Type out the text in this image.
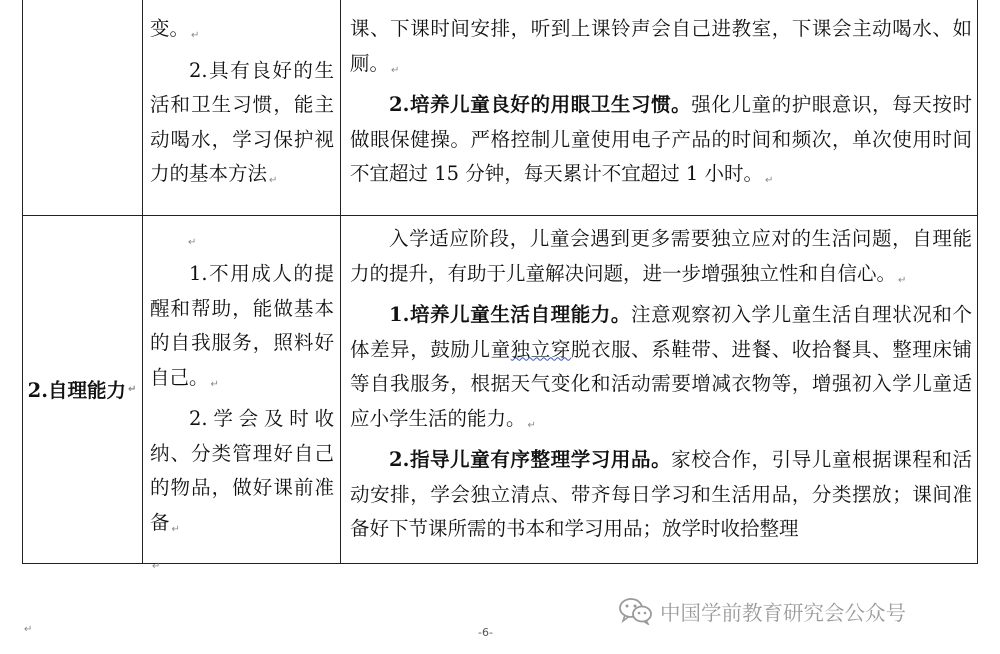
变。 ↵

2.具有良好的生活和卫生习惯，能主动喝水，学习保护视力的基本方法 ↵

课、下课时间安排，听到上课铃声会自己进教室，下课会主动喝水、如厕。 ↵

2.培养儿童良好的用眼卫生习惯。强化儿童的护眼意识，每天按时做眼保健操。严格控制儿童使用电子产品的时间和频次，单次使用时间不宜超过 15 分钟，每天累计不宜超过 1 小时。 ↵

2.自理能力 ↵

↵

1.不用成人的提醒和帮助，能做基本的自我服务，照料好自己。 ↵

2.学会及时收纳、分类管理好自己的物品，做好课前准备 ↵

↵

入学适应阶段，儿童会遇到更多需要独立应对的生活问题，自理能力的提升，有助于儿童解决问题，进一步增强独立性和自信心。 ↵

1.培养儿童生活自理能力。注意观察初入学儿童生活自理状况和个体差异，鼓励儿童独立穿脱衣服、系鞋带、进餐、收拾餐具、整理床铺等自我服务，根据天气变化和活动需要增减衣物等，增强初入学儿童适应小学生活的能力。 ↵

2.指导儿童有序整理学习用品。家校合作，引导儿童根据课程和活动安排，学会独立清点、带齐每日学习和生活用品，分类摆放；课间准备好下节课所需的书本和学习用品；放学时收拾整理

中国学前教育研究会公众号
↵	-6-
